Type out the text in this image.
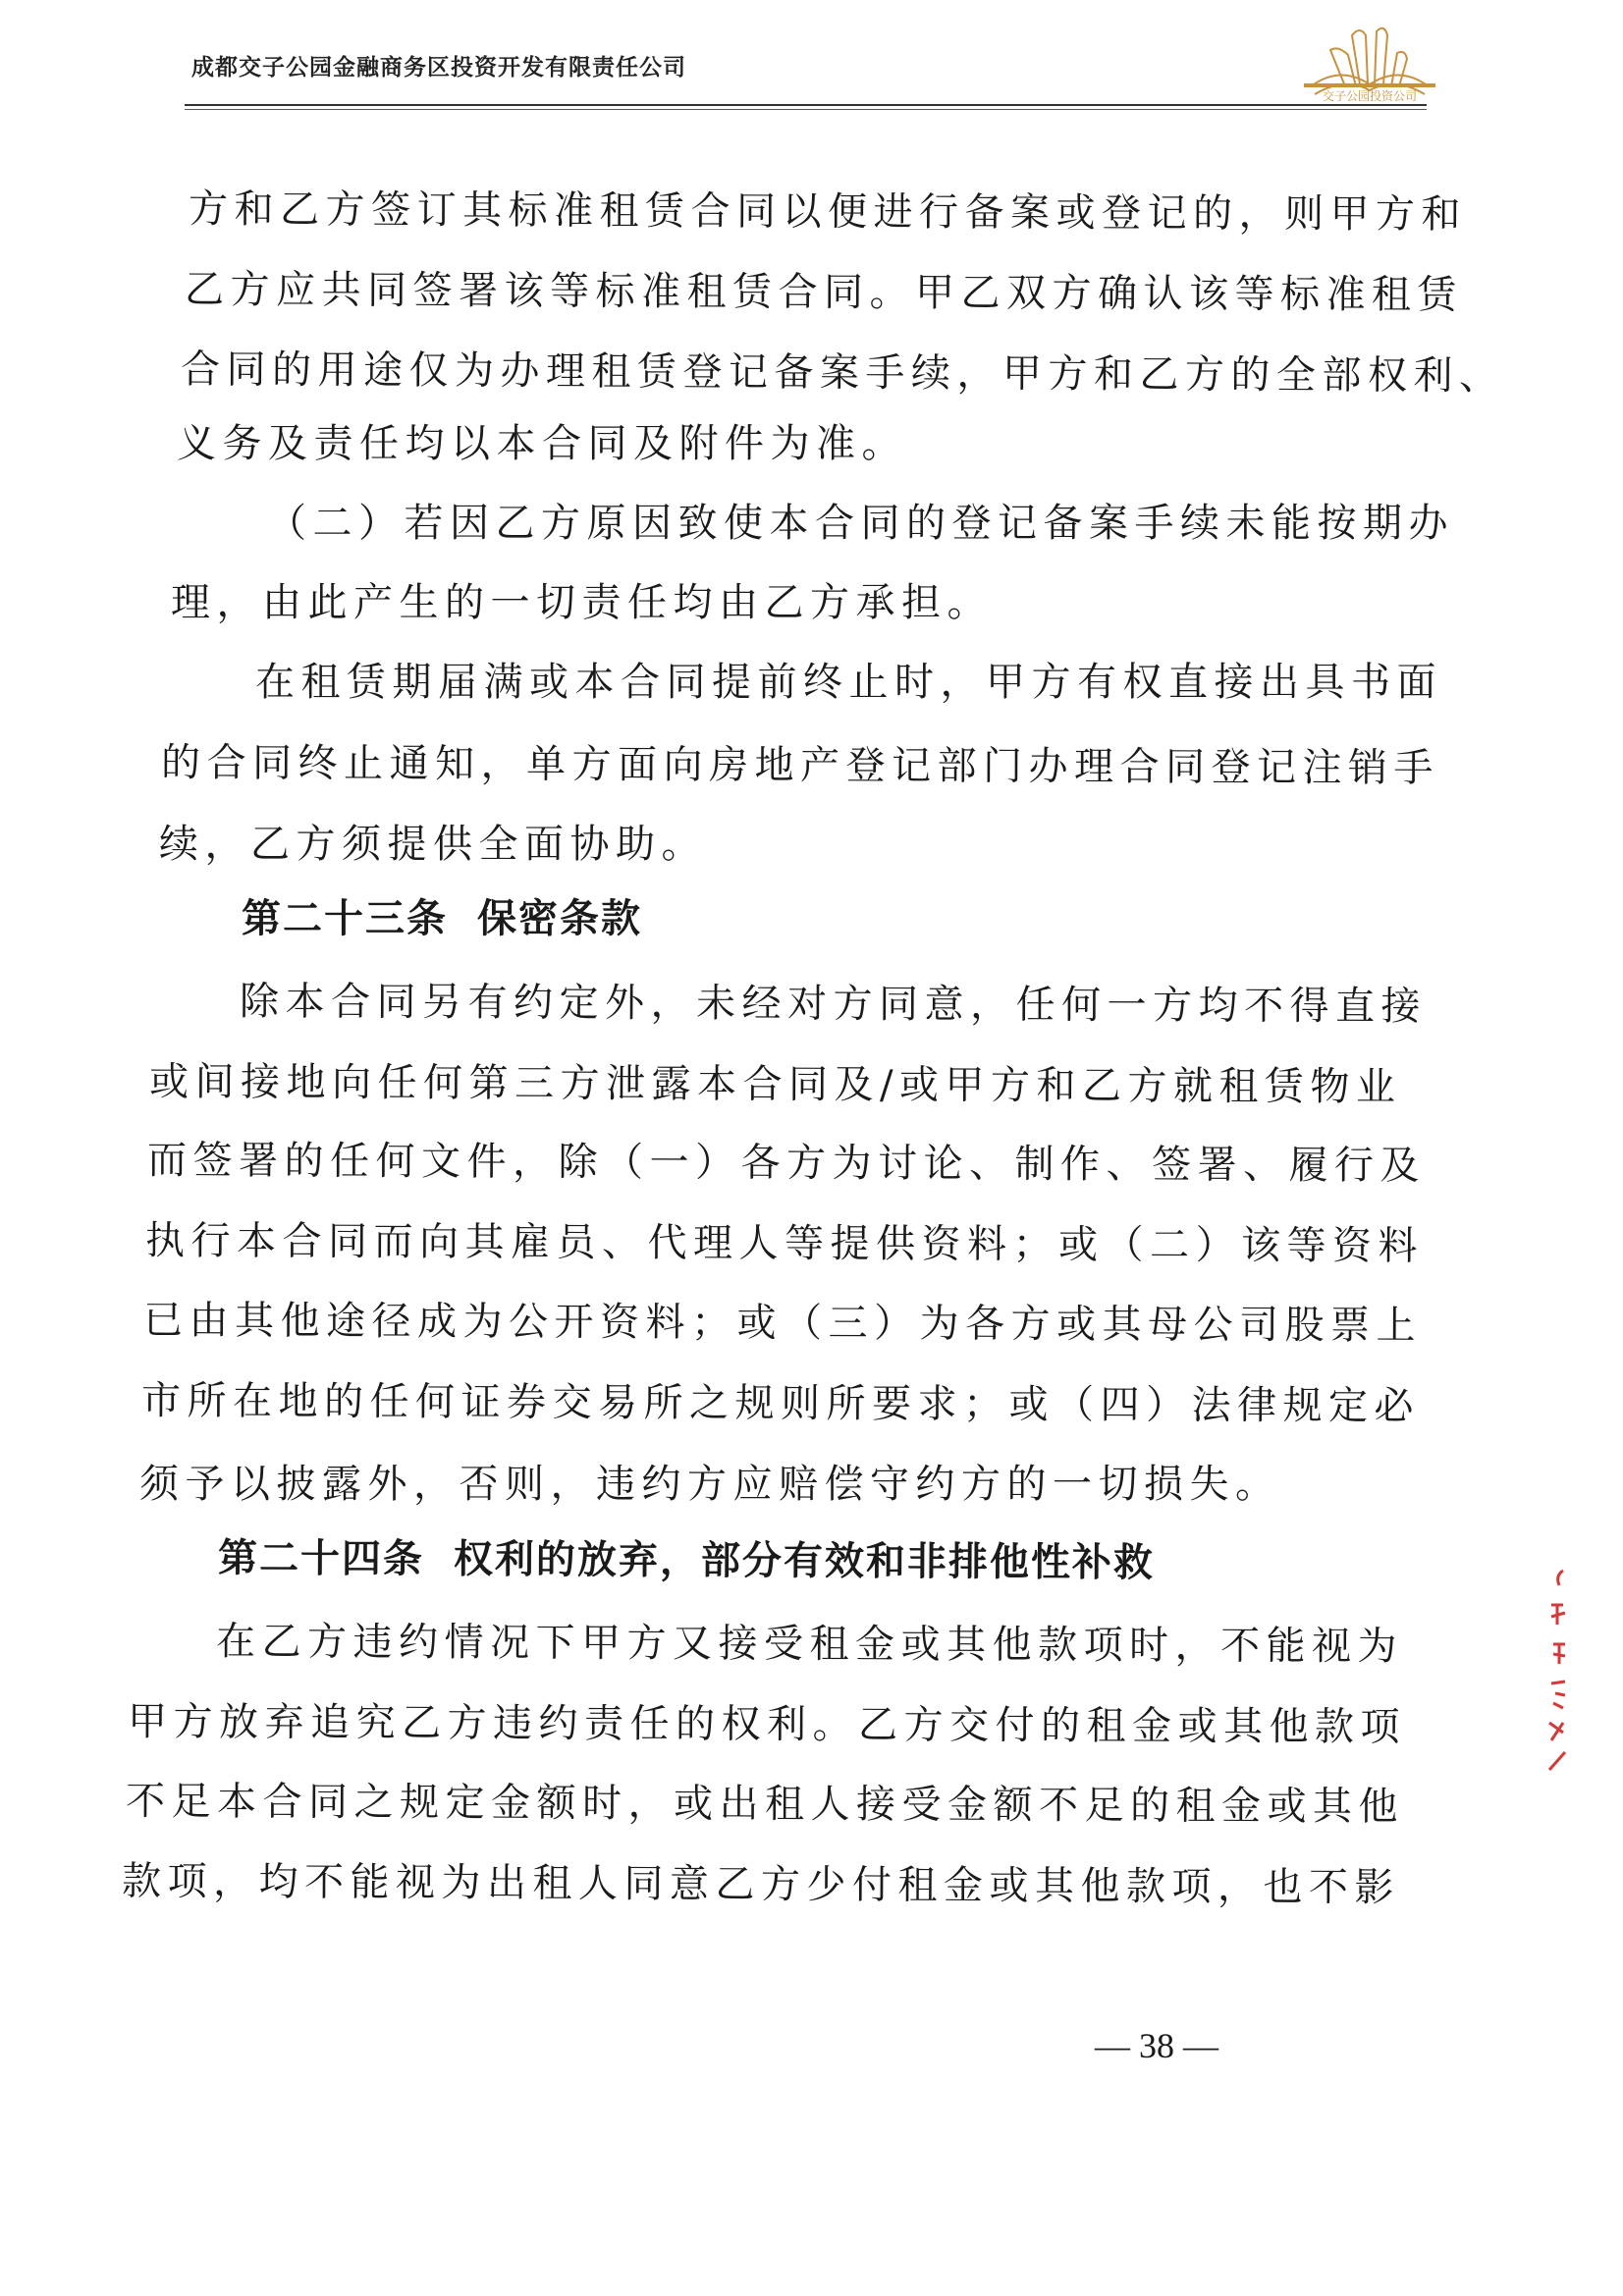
成都交子公园金融商务区投资开发有限责任公司
交子公园投资公司
方和乙方签订其标准租赁合同以便进行备案或登记的，则甲方和
乙方应共同签署该等标准租赁合同。甲乙双方确认该等标准租赁
合同的用途仅为办理租赁登记备案手续，甲方和乙方的全部权利、
义务及责任均以本合同及附件为准。
（二）若因乙方原因致使本合同的登记备案手续未能按期办
理，由此产生的一切责任均由乙方承担。
在租赁期届满或本合同提前终止时，甲方有权直接出具书面
的合同终止通知，单方面向房地产登记部门办理合同登记注销手
续，乙方须提供全面协助。
第二十三条 保密条款
除本合同另有约定外，未经对方同意，任何一方均不得直接
或间接地向任何第三方泄露本合同及/或甲方和乙方就租赁物业
而签署的任何文件，除（一）各方为讨论、制作、签署、履行及
执行本合同而向其雇员、代理人等提供资料；或（二）该等资料
已由其他途径成为公开资料；或（三）为各方或其母公司股票上
市所在地的任何证券交易所之规则所要求；或（四）法律规定必
须予以披露外，否则，违约方应赔偿守约方的一切损失。
第二十四条 权利的放弃，部分有效和非排他性补救
在乙方违约情况下甲方又接受租金或其他款项时，不能视为
甲方放弃追究乙方违约责任的权利。乙方交付的租金或其他款项
不足本合同之规定金额时，或出租人接受金额不足的租金或其他
款项，均不能视为出租人同意乙方少付租金或其他款项，也不影
— 38 —
